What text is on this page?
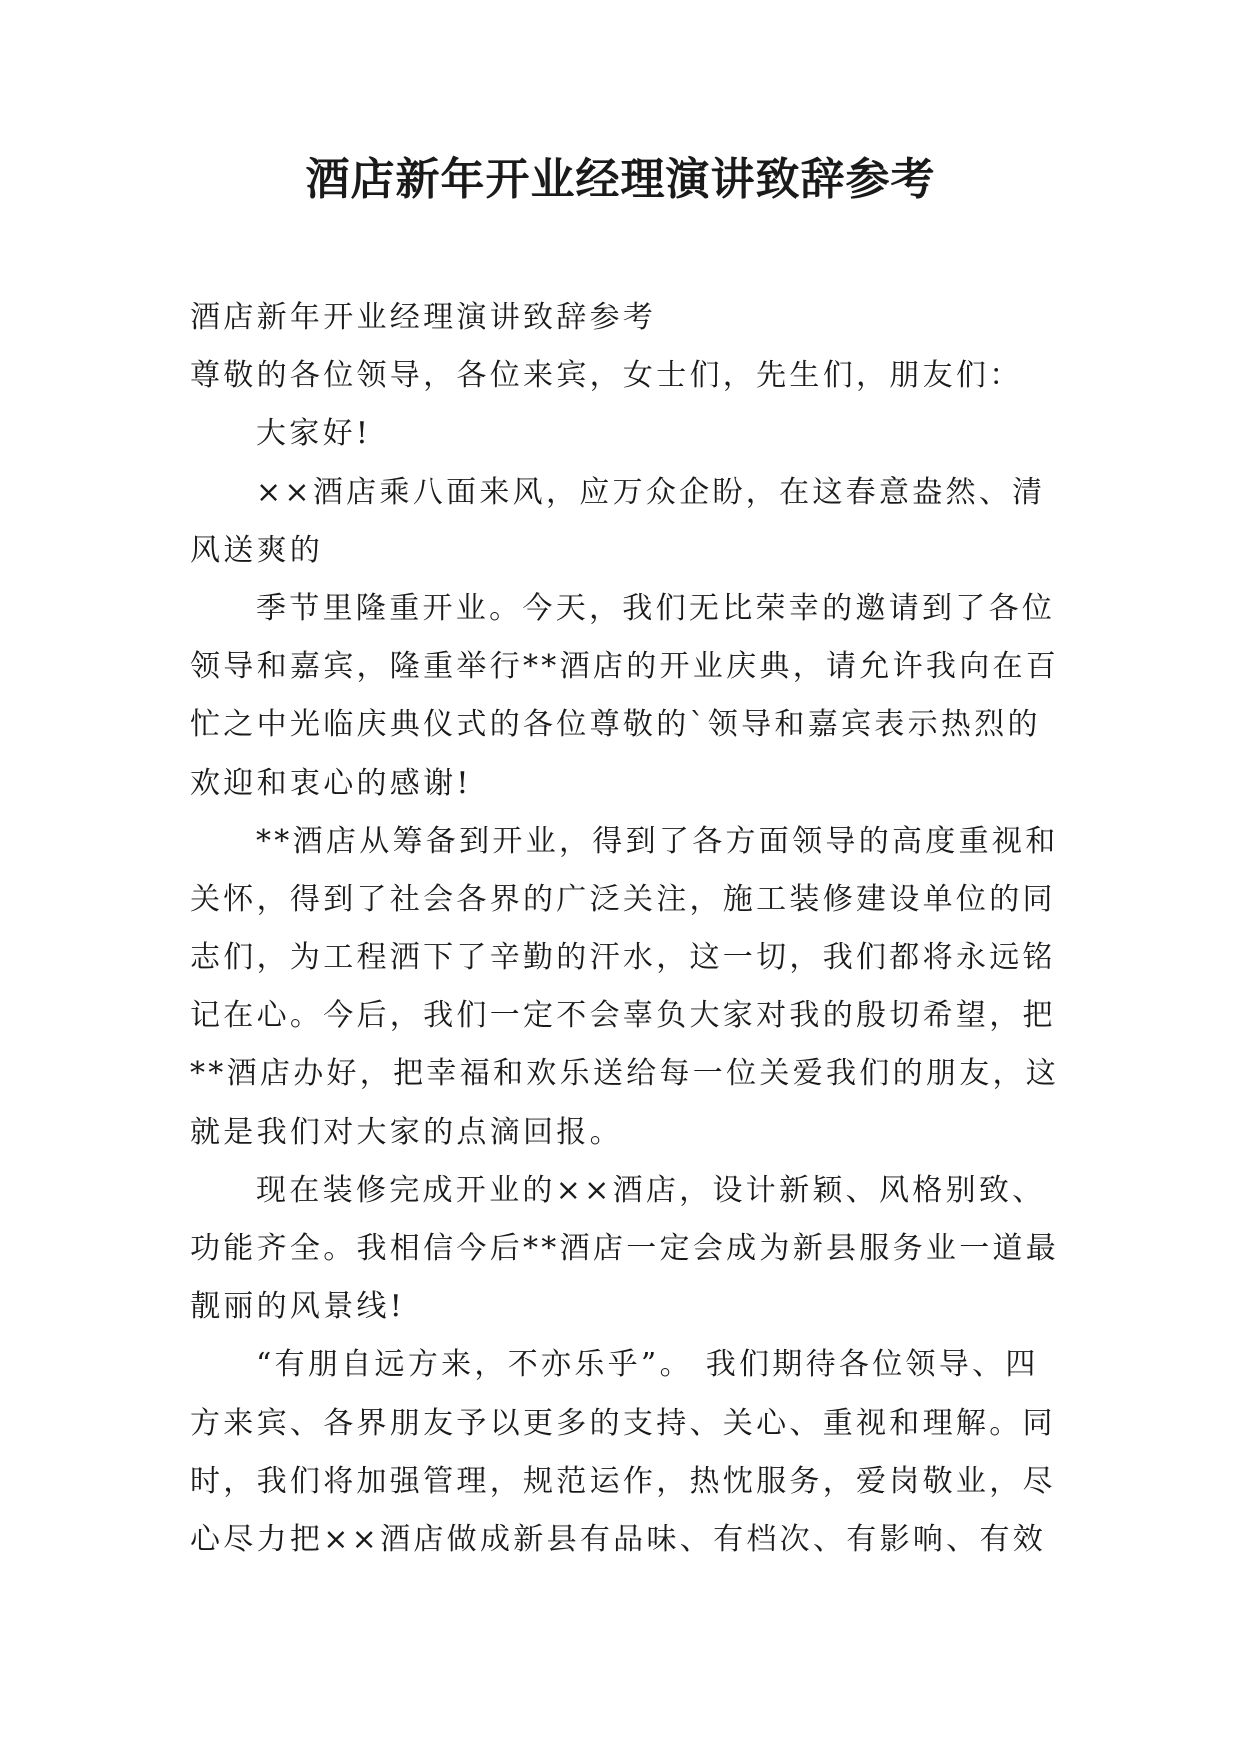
酒店新年开业经理演讲致辞参考
酒店新年开业经理演讲致辞参考
尊敬的各位领导，各位来宾，女士们，先生们，朋友们：
大家好!
××酒店乘八面来风，应万众企盼，在这春意盎然、清
风送爽的
季节里隆重开业。今天，我们无比荣幸的邀请到了各位
领导和嘉宾，隆重举行**酒店的开业庆典，请允许我向在百
忙之中光临庆典仪式的各位尊敬的`领导和嘉宾表示热烈的
欢迎和衷心的感谢!
**酒店从筹备到开业，得到了各方面领导的高度重视和
关怀，得到了社会各界的广泛关注，施工装修建设单位的同
志们，为工程洒下了辛勤的汗水，这一切，我们都将永远铭
记在心。今后，我们一定不会辜负大家对我的殷切希望，把
**酒店办好，把幸福和欢乐送给每一位关爱我们的朋友，这
就是我们对大家的点滴回报。
现在装修完成开业的××酒店，设计新颖、风格别致、
功能齐全。我相信今后**酒店一定会成为新县服务业一道最
靓丽的风景线!
“有朋自远方来，不亦乐乎”。 我们期待各位领导、四
方来宾、各界朋友予以更多的支持、关心、重视和理解。同
时，我们将加强管理，规范运作，热忱服务，爱岗敬业，尽
心尽力把××酒店做成新县有品味、有档次、有影响、有效
